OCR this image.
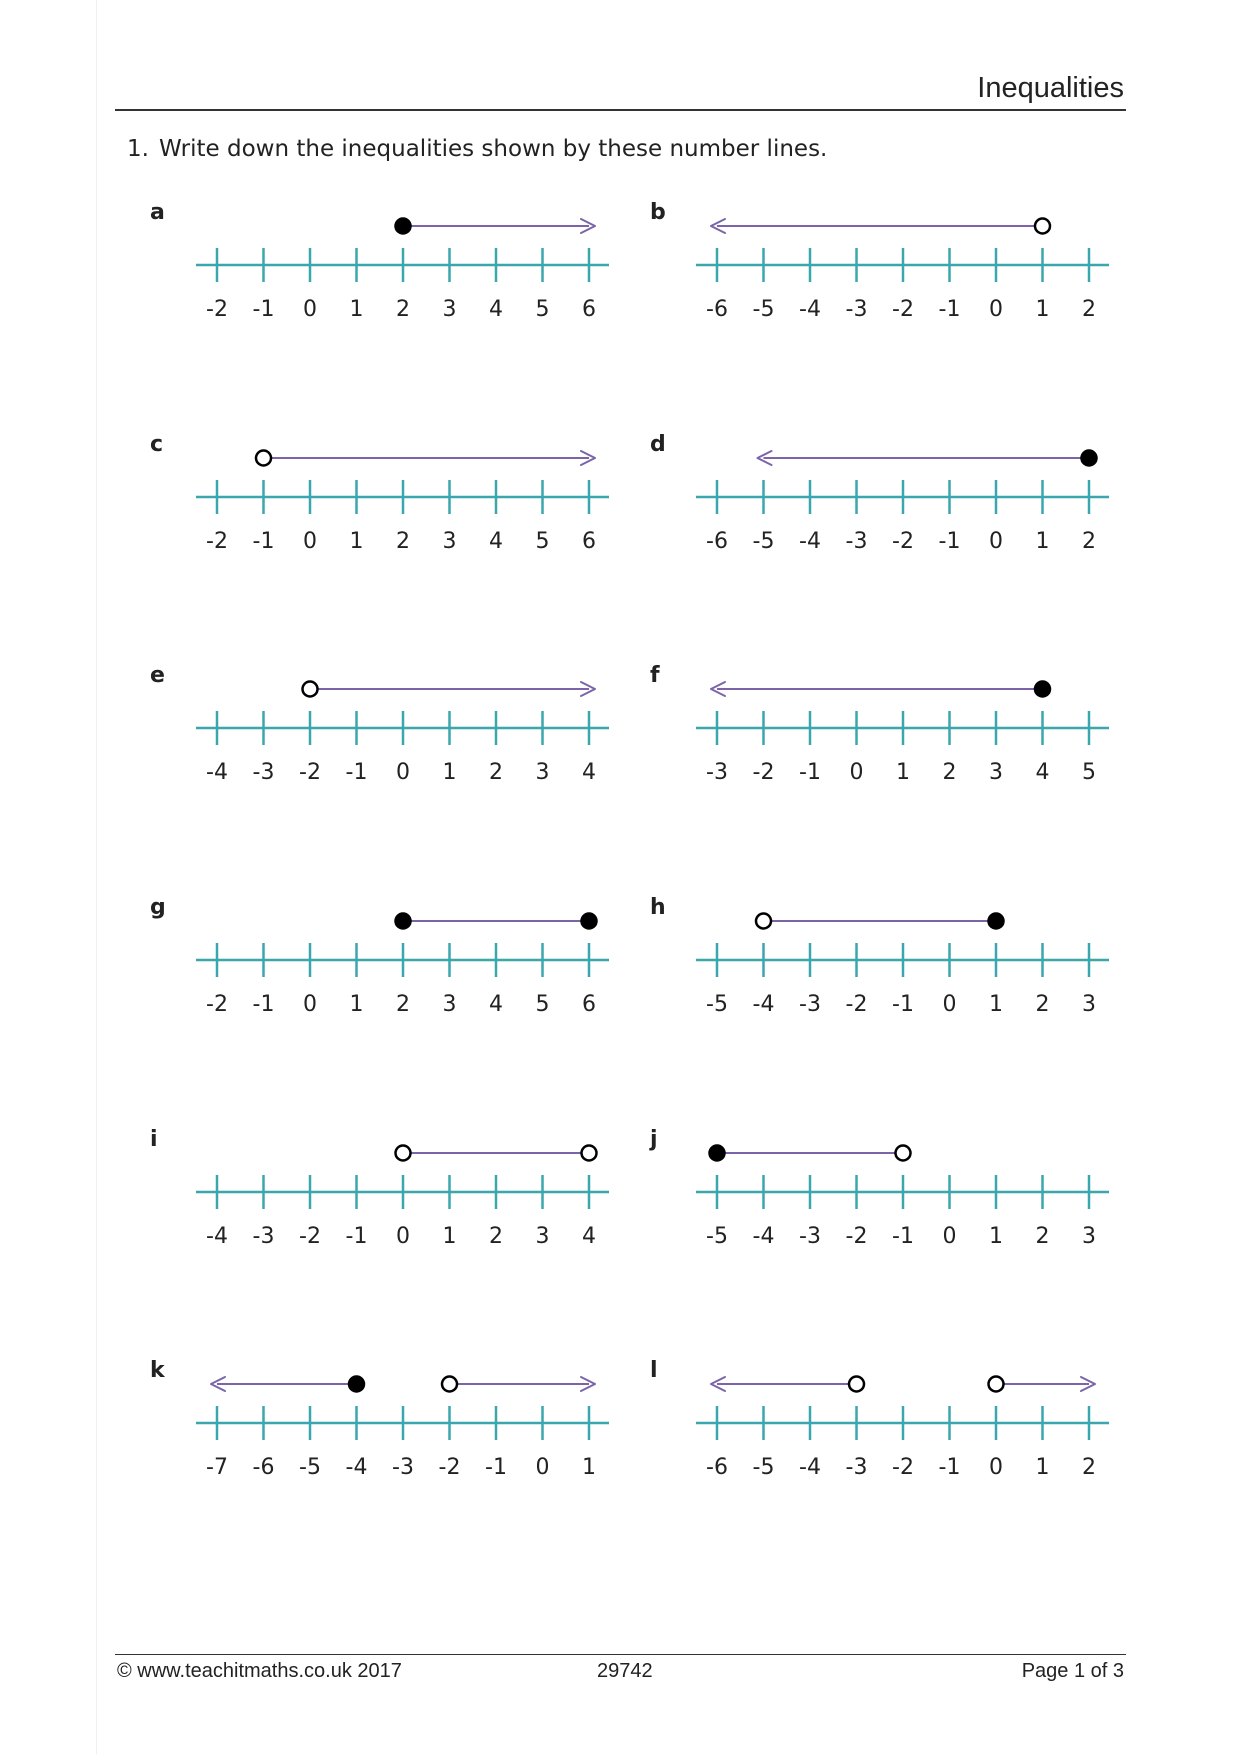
Inequalities
1. Write down the inequalities shown by these number lines.
a
-2 -1 0 1 2 3 4 5 6
b
-6 -5 -4 -3 -2 -1 0 1 2
c
-2 -1 0 1 2 3 4 5 6
d
-6 -5 -4 -3 -2 -1 0 1 2
e
-4 -3 -2 -1 0 1 2 3 4
f
-3 -2 -1 0 1 2 3 4 5
g
-2 -1 0 1 2 3 4 5 6
h
-5 -4 -3 -2 -1 0 1 2 3
i
-4 -3 -2 -1 0 1 2 3 4
j
-5 -4 -3 -2 -1 0 1 2 3
k
-7 -6 -5 -4 -3 -2 -1 0 1
l
-6 -5 -4 -3 -2 -1 0 1 2
© www.teachitmaths.co.uk 2017	29742	Page 1 of 3
